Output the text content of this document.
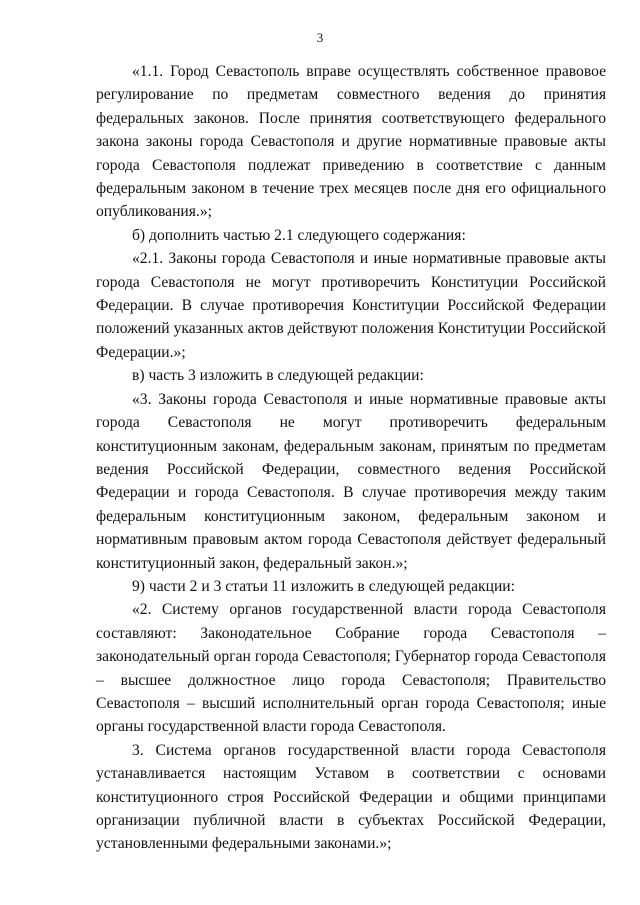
3

«1.1. Город Севастополь вправе осуществлять собственное правовое регулирование по предметам совместного ведения до принятия федеральных законов. После принятия соответствующего федерального закона законы города Севастополя и другие нормативные правовые акты города Севастополя подлежат приведению в соответствие с данным федеральным законом в течение трех месяцев после дня его официального опубликования.»;

б) дополнить частью 2.1 следующего содержания:

«2.1. Законы города Севастополя и иные нормативные правовые акты города Севастополя не могут противоречить Конституции Российской Федерации. В случае противоречия Конституции Российской Федерации положений указанных актов действуют положения Конституции Российской Федерации.»;

в) часть 3 изложить в следующей редакции:

«3. Законы города Севастополя и иные нормативные правовые акты города Севастополя не могут противоречить федеральным конституционным законам, федеральным законам, принятым по предметам ведения Российской Федерации, совместного ведения Российской Федерации и города Севастополя. В случае противоречия между таким федеральным конституционным законом, федеральным законом и нормативным правовым актом города Севастополя действует федеральный конституционный закон, федеральный закон.»;

9) части 2 и 3 статьи 11 изложить в следующей редакции:

«2. Систему органов государственной власти города Севастополя составляют: Законодательное Собрание города Севастополя – законодательный орган города Севастополя; Губернатор города Севастополя – высшее должностное лицо города Севастополя; Правительство Севастополя – высший исполнительный орган города Севастополя; иные органы государственной власти города Севастополя.

3. Система органов государственной власти города Севастополя устанавливается настоящим Уставом в соответствии с основами конституционного строя Российской Федерации и общими принципами организации публичной власти в субъектах Российской Федерации, установленными федеральными законами.»;
